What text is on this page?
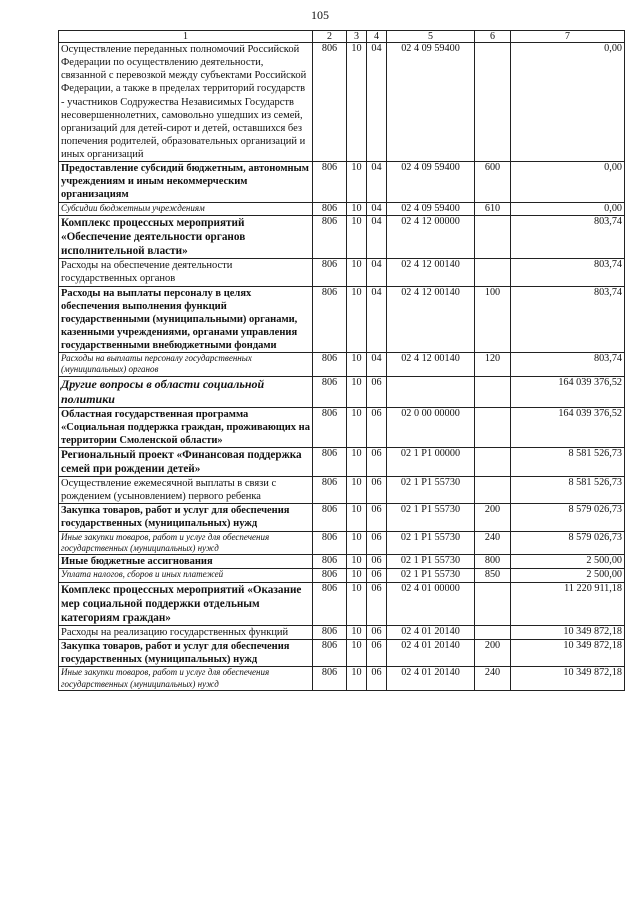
105
1	2	3	4	5	6	7
Осуществление переданных полномочий Российской Федерации по осуществлению деятельности, связанной с перевозкой между субъектами Российской Федерации, а также в пределах территорий государств - участников Содружества Независимых Государств несовершеннолетних, самовольно ушедших из семей, организаций для детей-сирот и детей, оставшихся без попечения родителей, образовательных организаций и иных организаций	806	10	04	02 4 09 59400		0,00
Предоставление субсидий бюджетным, автономным учреждениям и иным некоммерческим организациям	806	10	04	02 4 09 59400	600	0,00
Субсидии бюджетным учреждениям	806	10	04	02 4 09 59400	610	0,00
Комплекс процессных мероприятий «Обеспечение деятельности органов исполнительной власти»	806	10	04	02 4 12 00000		803,74
Расходы на обеспечение деятельности государственных органов	806	10	04	02 4 12 00140		803,74
Расходы на выплаты персоналу в целях обеспечения выполнения функций государственными (муниципальными) органами, казенными учреждениями, органами управления государственными внебюджетными фондами	806	10	04	02 4 12 00140	100	803,74
Расходы на выплаты персоналу государственных (муниципальных) органов	806	10	04	02 4 12 00140	120	803,74
Другие вопросы в области социальной политики	806	10	06			164 039 376,52
Областная государственная программа «Социальная поддержка граждан, проживающих на территории Смоленской области»	806	10	06	02 0 00 00000		164 039 376,52
Региональный проект «Финансовая поддержка семей при рождении детей»	806	10	06	02 1 P1 00000		8 581 526,73
Осуществление ежемесячной выплаты в связи с рождением (усыновлением) первого ребенка	806	10	06	02 1 P1 55730		8 581 526,73
Закупка товаров, работ и услуг для обеспечения государственных (муниципальных) нужд	806	10	06	02 1 P1 55730	200	8 579 026,73
Иные закупки товаров, работ и услуг для обеспечения государственных (муниципальных) нужд	806	10	06	02 1 P1 55730	240	8 579 026,73
Иные бюджетные ассигнования	806	10	06	02 1 P1 55730	800	2 500,00
Уплата налогов, сборов и иных платежей	806	10	06	02 1 P1 55730	850	2 500,00
Комплекс процессных мероприятий «Оказание мер социальной поддержки отдельным категориям граждан»	806	10	06	02 4 01 00000		11 220 911,18
Расходы на реализацию государственных функций	806	10	06	02 4 01 20140		10 349 872,18
Закупка товаров, работ и услуг для обеспечения государственных (муниципальных) нужд	806	10	06	02 4 01 20140	200	10 349 872,18
Иные закупки товаров, работ и услуг для обеспечения государственных (муниципальных) нужд	806	10	06	02 4 01 20140	240	10 349 872,18
